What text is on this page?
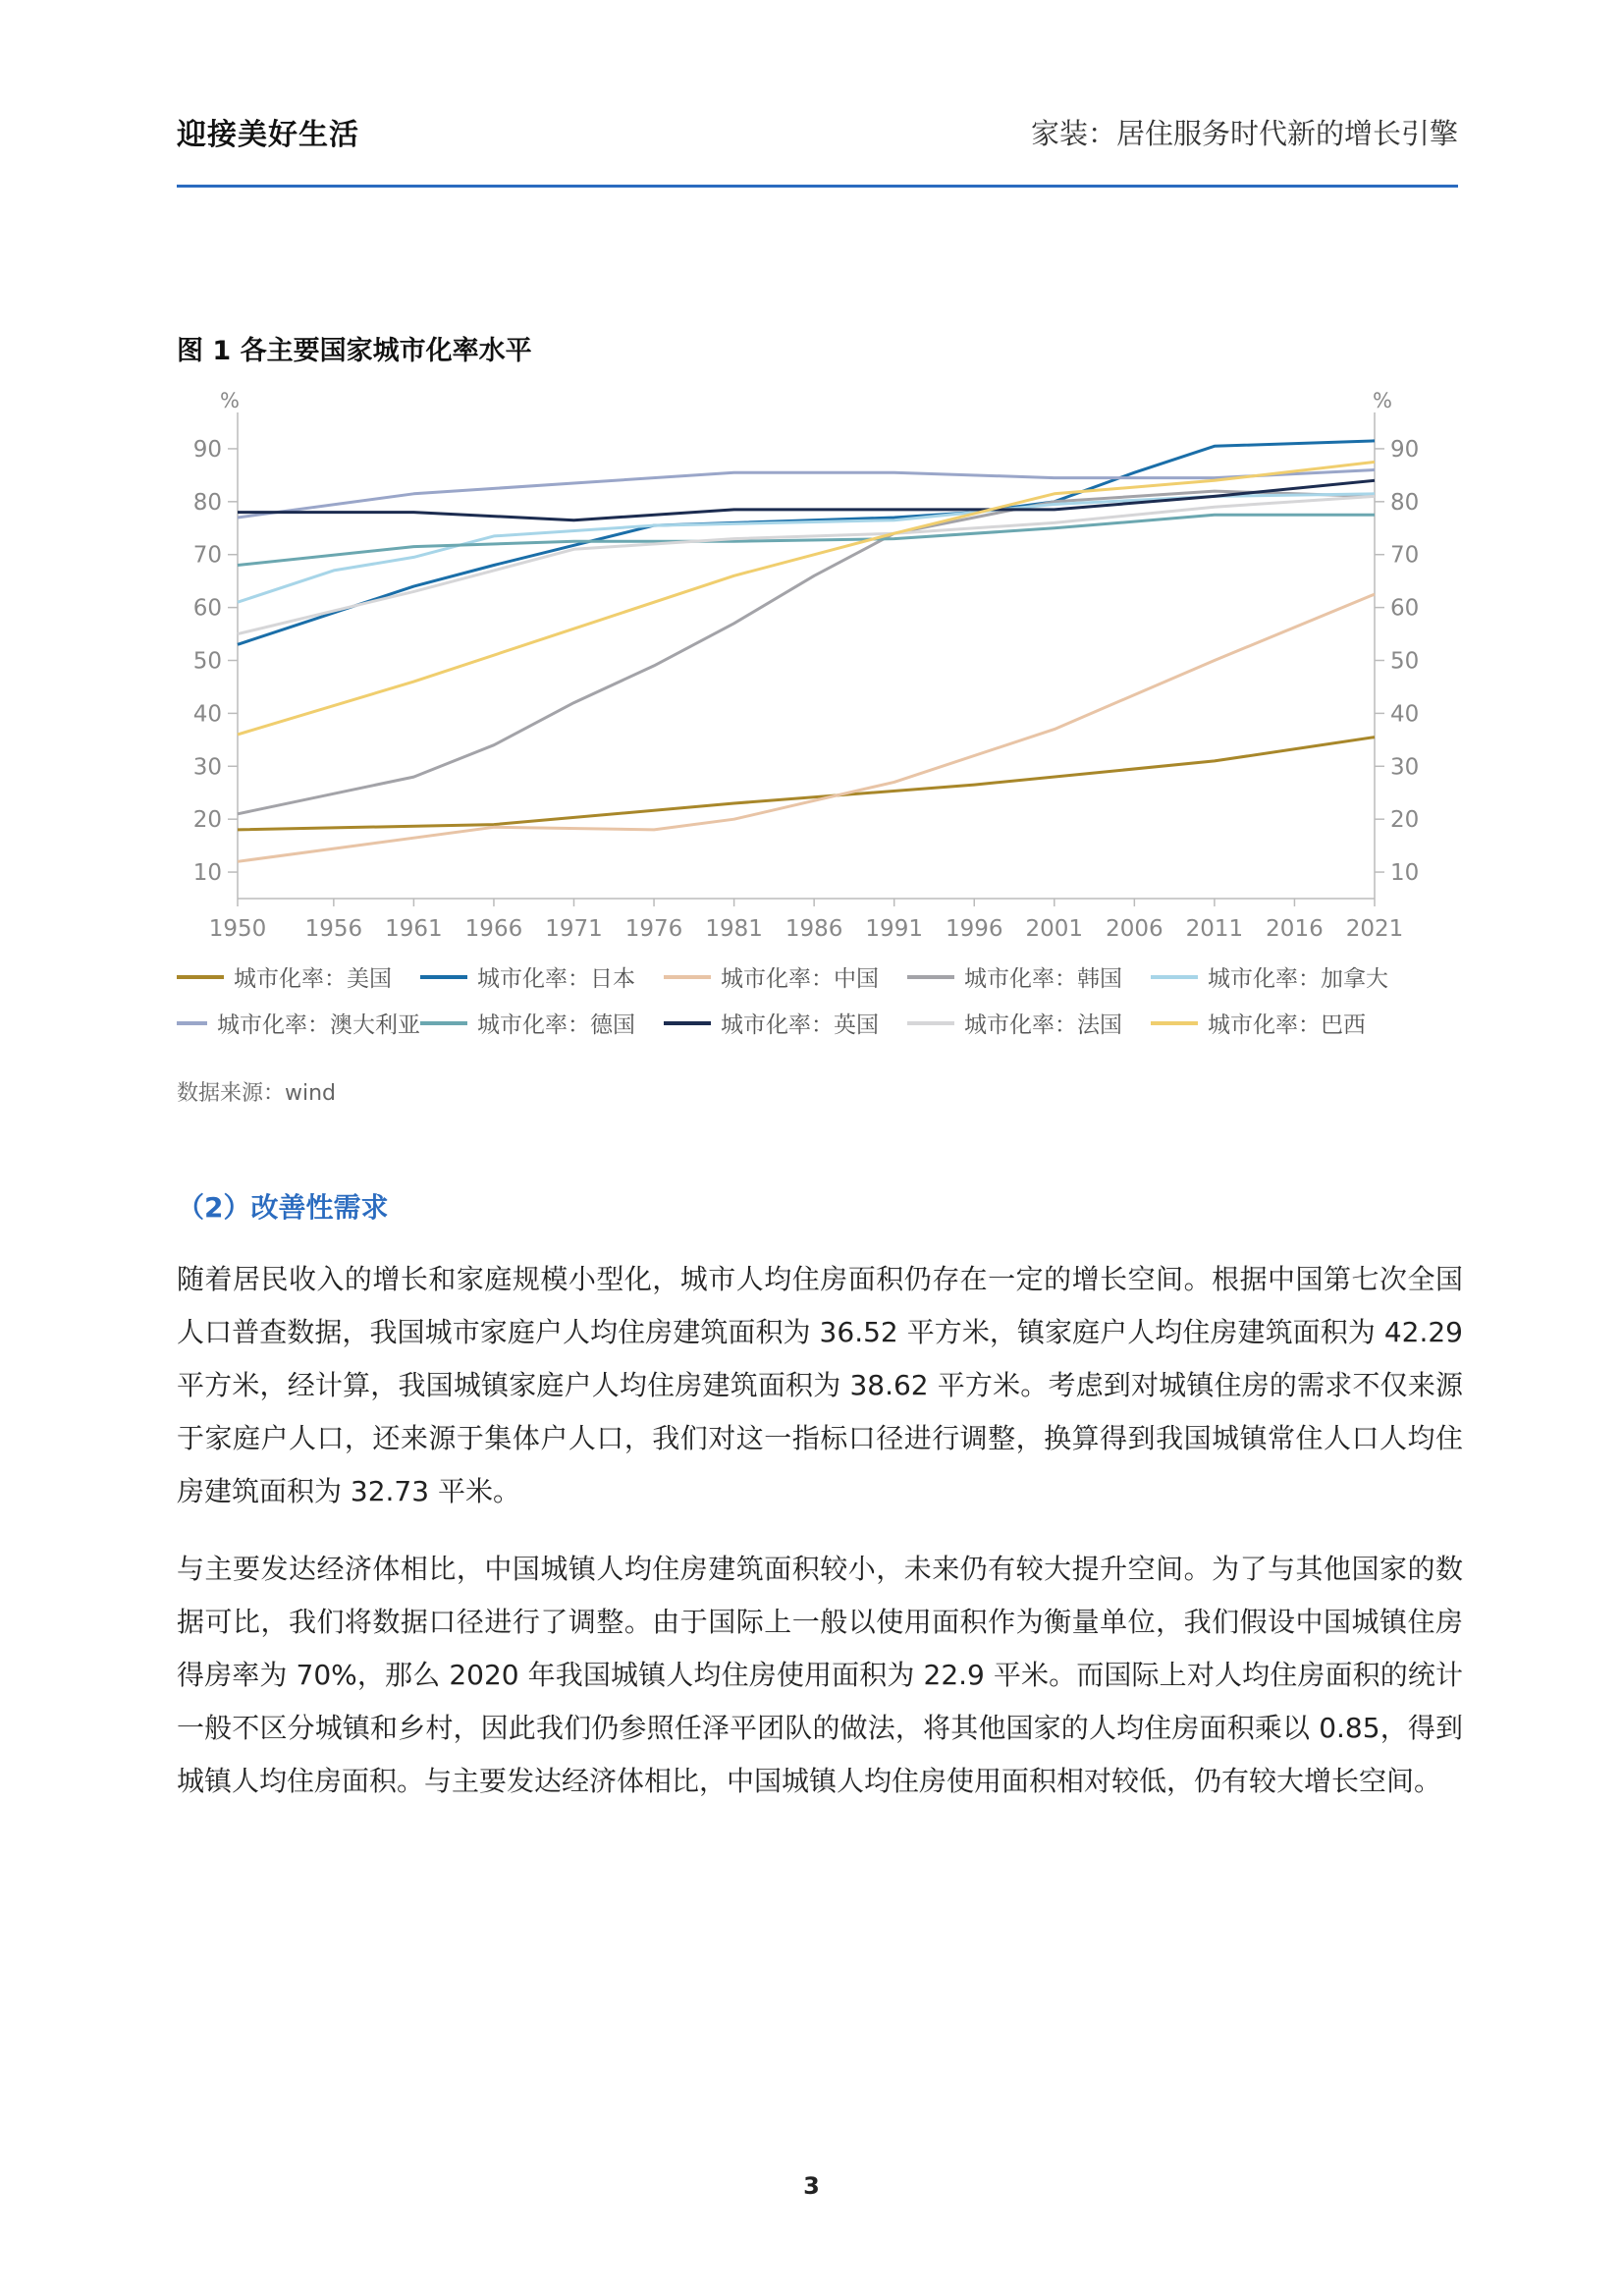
迎接美好生活	家装：居住服务时代新的增长引擎
图 1 各主要国家城市化率水平
%	%
10	10
20	20
30	30
40	40
50	50
60	60
70	70
80	80
90	90
1950 1956 1961 1966 1971 1976 1981 1986 1991 1996 2001 2006 2011 2016 2021
城市化率：美国	城市化率：日本	城市化率：中国	城市化率：韩国	城市化率：加拿大
城市化率：澳大利亚	城市化率：德国	城市化率：英国	城市化率：法国	城市化率：巴西
数据来源：wind
（2）改善性需求

随着居民收入的增长和家庭规模小型化，城市人均住房面积仍存在一定的增长空间。根据中国第七次全国人口普查数据，我国城市家庭户人均住房建筑面积为 36.52 平方米，镇家庭户人均住房建筑面积为 42.29 平方米，经计算，我国城镇家庭户人均住房建筑面积为 38.62 平方米。考虑到对城镇住房的需求不仅来源于家庭户人口，还来源于集体户人口，我们对这一指标口径进行调整，换算得到我国城镇常住人口人均住房建筑面积为 32.73 平米。

与主要发达经济体相比，中国城镇人均住房建筑面积较小，未来仍有较大提升空间。为了与其他国家的数据可比，我们将数据口径进行了调整。由于国际上一般以使用面积作为衡量单位，我们假设中国城镇住房得房率为 70%，那么 2020 年我国城镇人均住房使用面积为 22.9 平米。而国际上对人均住房面积的统计一般不区分城镇和乡村，因此我们仍参照任泽平团队的做法，将其他国家的人均住房面积乘以 0.85，得到城镇人均住房面积。与主要发达经济体相比，中国城镇人均住房使用面积相对较低，仍有较大增长空间。

3
